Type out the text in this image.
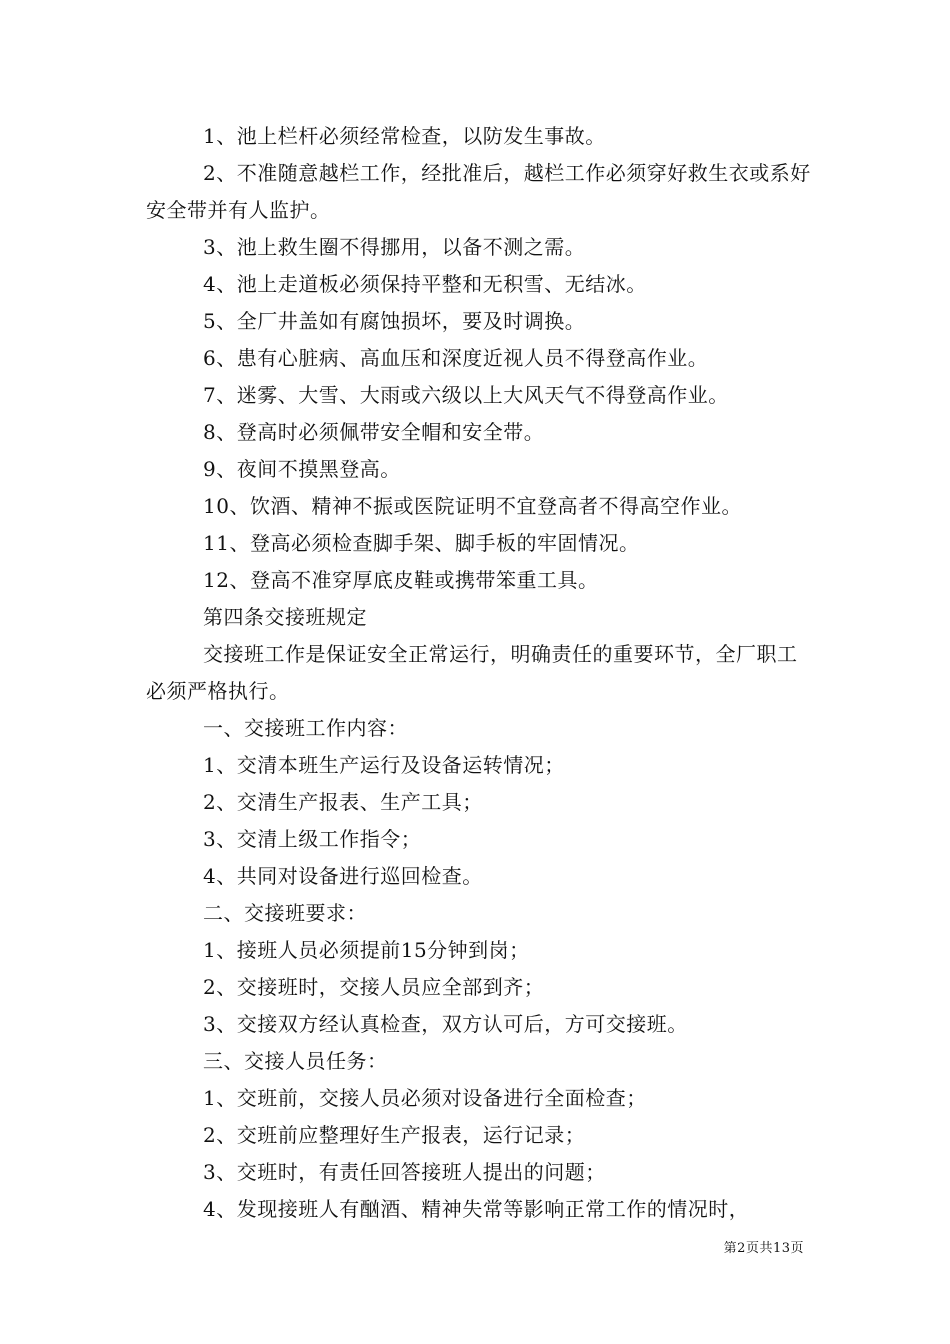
1、池上栏杆必须经常检查，以防发生事故。

2、不准随意越栏工作，经批准后，越栏工作必须穿好救生衣或系好安全带并有人监护。

3、池上救生圈不得挪用，以备不测之需。

4、池上走道板必须保持平整和无积雪、无结冰。

5、全厂井盖如有腐蚀损坏，要及时调换。

6、患有心脏病、高血压和深度近视人员不得登高作业。

7、迷雾、大雪、大雨或六级以上大风天气不得登高作业。

8、登高时必须佩带安全帽和安全带。

9、夜间不摸黑登高。

10、饮酒、精神不振或医院证明不宜登高者不得高空作业。

11、登高必须检查脚手架、脚手板的牢固情况。

12、登高不准穿厚底皮鞋或携带笨重工具。

第四条交接班规定

交接班工作是保证安全正常运行，明确责任的重要环节，全厂职工必须严格执行。

一、交接班工作内容：

1、交清本班生产运行及设备运转情况；

2、交清生产报表、生产工具；

3、交清上级工作指令；

4、共同对设备进行巡回检查。

二、交接班要求：

1、接班人员必须提前15分钟到岗；

2、交接班时，交接人员应全部到齐；

3、交接双方经认真检查，双方认可后，方可交接班。

三、交接人员任务：

1、交班前，交接人员必须对设备进行全面检查；

2、交班前应整理好生产报表，运行记录；

3、交班时，有责任回答接班人提出的问题；

4、发现接班人有酗酒、精神失常等影响正常工作的情况时，

第2页共13页
